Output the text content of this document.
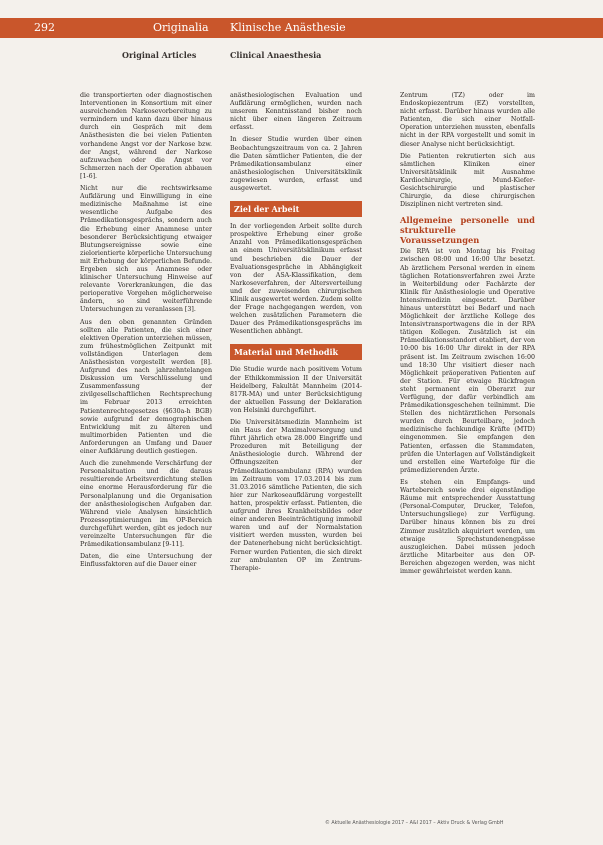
292	Originalia Klinische Anästhesie
Original Articles	Clinical Anaesthesia

die transportierten oder diagnostischen Interventionen in Konsortium mit einer ausreichenden Narkosevorbereitung zu vermindern und kann dazu über hinaus durch ein Gespräch mit dem Anästhesisten die bei vielen Patienten vorhandene Angst vor der Narkose bzw. der Angst, während der Narkose aufzuwachen oder die Angst vor Schmerzen nach der Operation abbauen [1-6].

Nicht nur die rechtswirksame Aufklärung und Einwilligung in eine medizinische Maßnahme ist eine wesentliche Aufgabe des Prämedikationsgesprächs, sondern auch die Erhebung einer Anamnese unter besonderer Berücksichtigung etwaiger Blutungsereignisse sowie eine zielorientierte körperliche Untersuchung mit Erhebung der körperlichen Befunde. Ergeben sich aus Anamnese oder klinischer Untersuchung Hinweise auf relevante Vorerkrankungen, die das perioperative Vorgehen möglicherweise ändern, so sind weiterführende Untersuchungen zu veranlassen [3].

Aus den oben genannten Gründen sollten alle Patienten, die sich einer elektiven Operation unterziehen müssen, zum frühestmöglichen Zeitpunkt mit vollständigen Unterlagen dem Anästhesisten vorgestellt werden [8]. Aufgrund des nach jahrzehntelangen Diskussion um Verschlüsselung und Zusammenfassung der zivilgesellschaftlichen Rechtsprechung im Februar 2013 erreichten Patientenrechtegesetzes (§630a-h BGB) sowie aufgrund der demographischen Entwicklung mit zu älteren und multimorbiden Patienten und die Anforderungen an Umfang und Dauer einer Aufklärung deutlich gestiegen.

Auch die zunehmende Verschärfung der Personalsituation und die daraus resultierende Arbeitsverdichtung stellen eine enorme Herausforderung für die Personalplanung und die Organisation der anästhesiologischen Aufgaben dar. Während viele Analysen hinsichtlich Prozessoptimierungen im OP-Bereich durchgeführt werden, gibt es jedoch nur vereinzelte Untersuchungen für die Prämedikationsambulanz [9-11].

Daten, die eine Untersuchung der Einflussfaktoren auf die Dauer einer

anästhesiologischen Evaluation und Aufklärung ermöglichen, wurden nach unserem Kenntnisstand bisher noch nicht über einen längeren Zeitraum erfasst.

In dieser Studie wurden über einen Beobachtungszeitraum von ca. 2 Jahren die Daten sämtlicher Patienten, die der Prämedikationsambulanz einer anästhesiologischen Universitätsklinik zugewiesen wurden, erfasst und ausgewertet.

Ziel der Arbeit

In der vorliegenden Arbeit sollte durch prospektive Erhebung einer große Anzahl von Prämedikationsgesprächen an einem Universitätsklinikum erfasst und beschrieben die Dauer der Evaluationsgespräche in Abhängigkeit von der ASA-Klassifikation, dem Narkoseverfahren, der Altersverteilung und der zuweisenden chirurgischen Klinik ausgewertet werden. Zudem sollte der Frage nachgegangen werden, von welchen zusätzlichen Parametern die Dauer des Prämedikationsgesprächs im Wesentlichen abhängt.

Material und Methodik

Die Studie wurde nach positivem Votum der Ethikkommission II der Universität Heidelberg, Fakultät Mannheim (2014-817R-MA) und unter Berücksichtigung der aktuellen Fassung der Deklaration von Helsinki durchgeführt.

Die Universitätsmedizin Mannheim ist ein Haus der Maximalversorgung und führt jährlich etwa 28.000 Eingriffe und Prozeduren mit Beteiligung der Anästhesiologie durch. Während der Öffnungszeiten der Prämedikationsambulanz (RPA) wurden im Zeitraum vom 17.03.2014 bis zum 31.03.2016 sämtliche Patienten, die sich hier zur Narkoseaufklärung vorgestellt hatten, prospektiv erfasst. Patienten, die aufgrund ihres Krankheitsbildes oder einer anderen Beeinträchtigung immobil waren und auf der Normalstation visitiert werden mussten, wurden bei der Datenerhebung nicht berücksichtigt. Ferner wurden Patienten, die sich direkt zur ambulanten OP im Zentrum-Therapie-

Zentrum (TZ) oder im Endoskopiezentrum (EZ) vorstellten, nicht erfasst. Darüber hinaus wurden alle Patienten, die sich einer Notfall-Operation unterziehen mussten, ebenfalls nicht in der RPA vorgestellt und somit in dieser Analyse nicht berücksichtigt.

Die Patienten rekrutierten sich aus sämtlichen Kliniken einer Universitätsklinik mit Ausnahme Kardiochirurgie, Mund-Kiefer-Gesichtschirurgie und plastischer Chirurgie, da diese chirurgischen Disziplinen nicht vertreten sind.

Allgemeine personelle und strukturelle Voraussetzungen

Die RPA ist von Montag bis Freitag zwischen 08:00 und 16:00 Uhr besetzt. Ab ärztlichem Personal werden in einem täglichen Rotationsverfahren zwei Ärzte in Weiterbildung oder Fachärzte der Klinik für Anästhesiologie und Operative Intensivmedizin eingesetzt. Darüber hinaus unterstützt bei Bedarf und nach Möglichkeit der ärztliche Kollege des Intensivtransportwagens die in der RPA tätigen Kollegen. Zusätzlich ist ein Prämedikationsstandort etabliert, der von 10:00 bis 16:00 Uhr direkt in der RPA präsent ist. Im Zeitraum zwischen 16:00 und 18:30 Uhr visitiert dieser nach Möglichkeit präoperativen Patienten auf der Station. Für etwaige Rückfragen steht permanent ein Oberarzt zur Verfügung, der dafür verbindlich am Prämedikationsgeschehen teilnimmt. Die Stellen des nichtärztlichen Personals wurden durch Beurteilbare, jedoch medizinische fachkundige Kräfte (MTD) eingenommen. Sie empfangen den Patienten, erfassen die Stammdaten, prüfen die Unterlagen auf Vollständigkeit und erstellen eine Wartefolge für die prämedizierenden Ärzte.

Es stehen ein Empfangs- und Wartebereich sowie drei eigenständige Räume mit entsprechender Ausstattung (Personal-Computer, Drucker, Telefon, Untersuchungsliege) zur Verfügung. Darüber hinaus können bis zu drei Zimmer zusätzlich akquiriert werden, um etwaige Sprechstundenengpässe auszugleichen. Dabei müssen jedoch ärztliche Mitarbeiter aus den OP-Bereichen abgezogen werden, was nicht immer gewährleistet werden kann.

© Aktuelle Anästhesiologie 2017 – A&I 2017 – Aktiv Druck & Verlag GmbH
